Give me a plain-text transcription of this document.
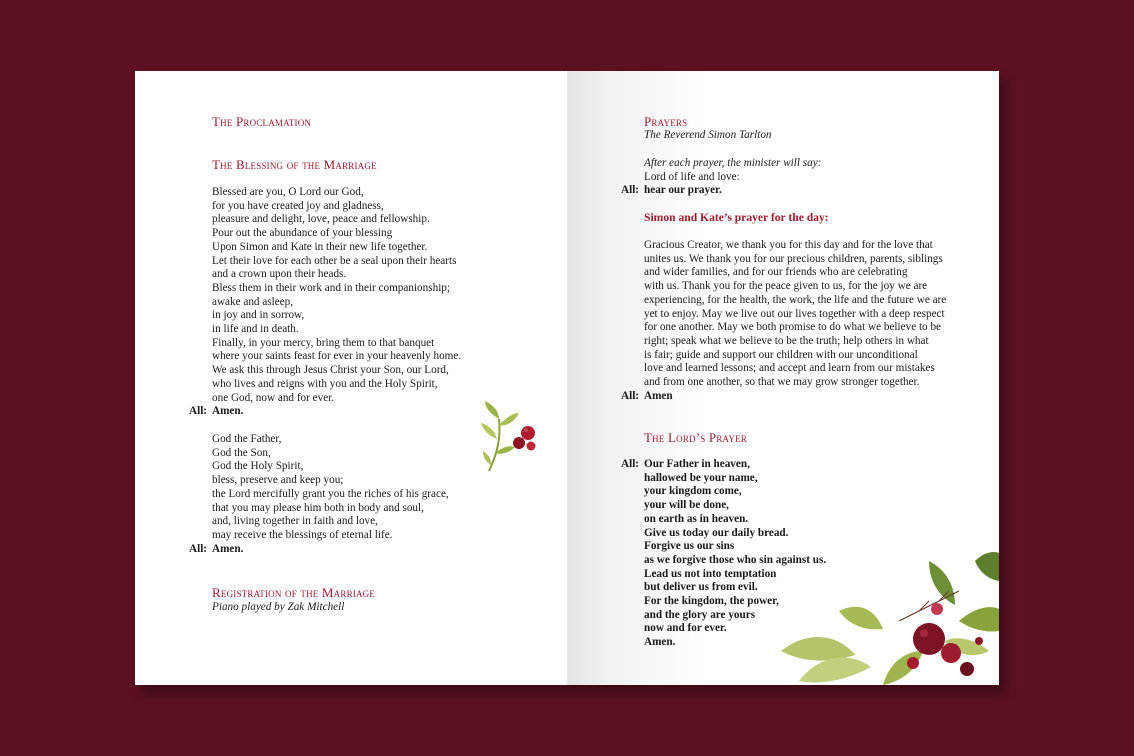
The Proclamation
The Blessing of the Marriage
Blessed are you, O Lord our God,
for you have created joy and gladness,
pleasure and delight, love, peace and fellowship.
Pour out the abundance of your blessing
Upon Simon and Kate in their new life together.
Let their love for each other be a seal upon their hearts
and a crown upon their heads.
Bless them in their work and in their companionship;
awake and asleep,
in joy and in sorrow,
in life and in death.
Finally, in your mercy, bring them to that banquet
where your saints feast for ever in your heavenly home.
We ask this through Jesus Christ your Son, our Lord,
who lives and reigns with you and the Holy Spirit,
one God, now and for ever.
All: Amen.
God the Father,
God the Son,
God the Holy Spirit,
bless, preserve and keep you;
the Lord mercifully grant you the riches of his grace,
that you may please him both in body and soul,
and, living together in faith and love,
may receive the blessings of eternal life.
All: Amen.
Registration of the Marriage
Piano played by Zak Mitchell
Prayers
The Reverend Simon Tarlton
After each prayer, the minister will say:
Lord of life and love:
All: hear our prayer.
Simon and Kate’s prayer for the day:
Gracious Creator, we thank you for this day and for the love that
unites us. We thank you for our precious children, parents, siblings
and wider families, and for our friends who are celebrating
with us. Thank you for the peace given to us, for the joy we are
experiencing, for the health, the work, the life and the future we are
yet to enjoy. May we live out our lives together with a deep respect
for one another. May we both promise to do what we believe to be
right; speak what we believe to be the truth; help others in what
is fair; guide and support our children with our unconditional
love and learned lessons; and accept and learn from our mistakes
and from one another, so that we may grow stronger together.
All: Amen
The Lord’s Prayer
All: Our Father in heaven,
hallowed be your name,
your kingdom come,
your will be done,
on earth as in heaven.
Give us today our daily bread.
Forgive us our sins
as we forgive those who sin against us.
Lead us not into temptation
but deliver us from evil.
For the kingdom, the power,
and the glory are yours
now and for ever.
Amen.
